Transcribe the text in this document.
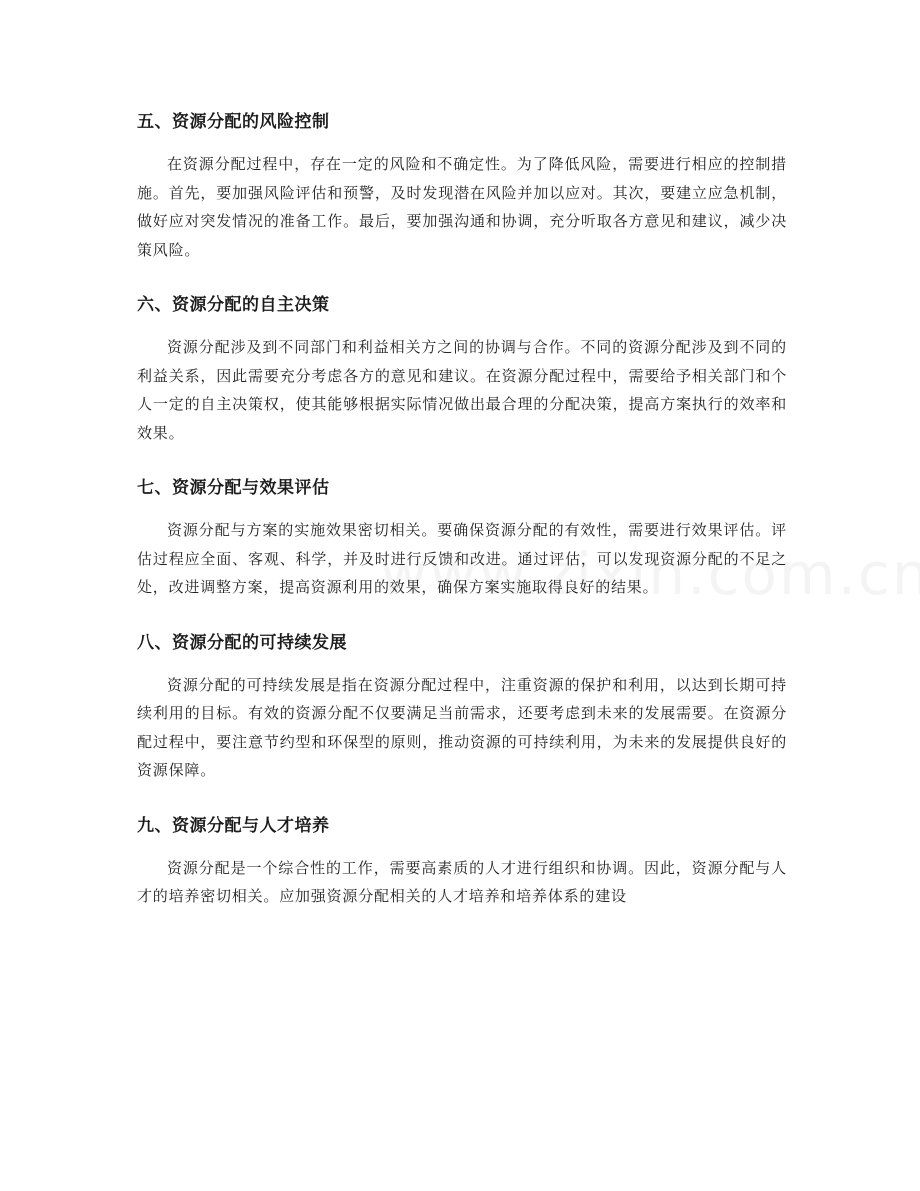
五、资源分配的风险控制

在资源分配过程中，存在一定的风险和不确定性。为了降低风险，需要进行相应的控制措施。首先，要加强风险评估和预警，及时发现潜在风险并加以应对。其次，要建立应急机制，做好应对突发情况的准备工作。最后，要加强沟通和协调，充分听取各方意见和建议，减少决策风险。

六、资源分配的自主决策

资源分配涉及到不同部门和利益相关方之间的协调与合作。不同的资源分配涉及到不同的利益关系，因此需要充分考虑各方的意见和建议。在资源分配过程中，需要给予相关部门和个人一定的自主决策权，使其能够根据实际情况做出最合理的分配决策，提高方案执行的效率和效果。

七、资源分配与效果评估

资源分配与方案的实施效果密切相关。要确保资源分配的有效性，需要进行效果评估。评估过程应全面、客观、科学，并及时进行反馈和改进。通过评估，可以发现资源分配的不足之处，改进调整方案，提高资源利用的效果，确保方案实施取得良好的结果。

八、资源分配的可持续发展

资源分配的可持续发展是指在资源分配过程中，注重资源的保护和利用，以达到长期可持续利用的目标。有效的资源分配不仅要满足当前需求，还要考虑到未来的发展需要。在资源分配过程中，要注意节约型和环保型的原则，推动资源的可持续利用，为未来的发展提供良好的资源保障。

九、资源分配与人才培养

资源分配是一个综合性的工作，需要高素质的人才进行组织和协调。因此，资源分配与人才的培养密切相关。应加强资源分配相关的人才培养和培养体系的建设
